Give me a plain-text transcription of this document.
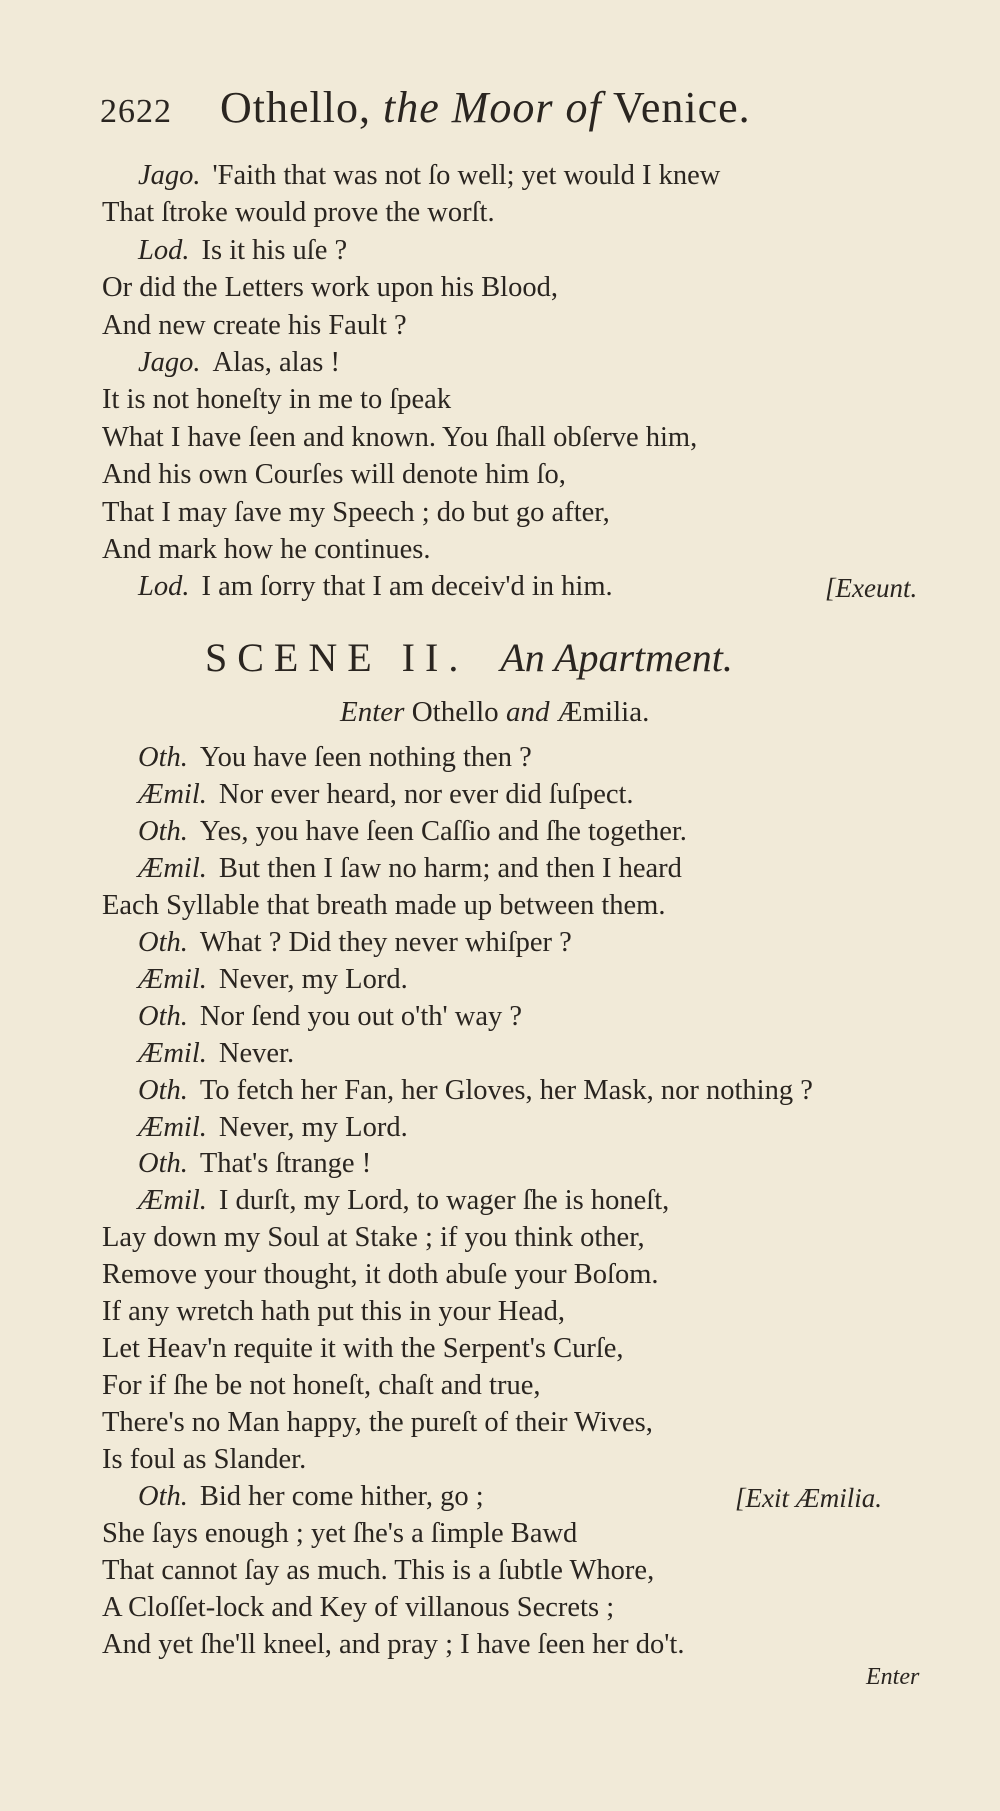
2622 Othello, the Moor of Venice.
Jago. 'Faith that was not ſo well; yet would I knew
That ſtroke would prove the worſt.
Lod. Is it his uſe ?
Or did the Letters work upon his Blood,
And new create his Fault ?
Jago. Alas, alas !
It is not honeſty in me to ſpeak
What I have ſeen and known. You ſhall obſerve him,
And his own Courſes will denote him ſo,
That I may ſave my Speech ; do but go after,
And mark how he continues.
Lod. I am ſorry that I am deceiv'd in him.	[Exeunt.
SCENE II. An Apartment.
Enter Othello and Æmilia.
Oth. You have ſeen nothing then ?
Æmil. Nor ever heard, nor ever did ſuſpect.
Oth. Yes, you have ſeen Caſſio and ſhe together.
Æmil. But then I ſaw no harm; and then I heard
Each Syllable that breath made up between them.
Oth. What ? Did they never whiſper ?
Æmil. Never, my Lord.
Oth. Nor ſend you out o'th' way ?
Æmil. Never.
Oth. To fetch her Fan, her Gloves, her Mask, nor nothing ?
Æmil. Never, my Lord.
Oth. That's ſtrange !
Æmil. I durſt, my Lord, to wager ſhe is honeſt,
Lay down my Soul at Stake ; if you think other,
Remove your thought, it doth abuſe your Boſom.
If any wretch hath put this in your Head,
Let Heav'n requite it with the Serpent's Curſe,
For if ſhe be not honeſt, chaſt and true,
There's no Man happy, the pureſt of their Wives,
Is foul as Slander.
Oth. Bid her come hither, go ;
She ſays enough ; yet ſhe's a ſimple Bawd
That cannot ſay as much. This is a ſubtle Whore,
A Cloſſet-lock and Key of villanous Secrets ;
And yet ſhe'll kneel, and pray ; I have ſeen her do't.
[Exit Æmilia.
Enter
